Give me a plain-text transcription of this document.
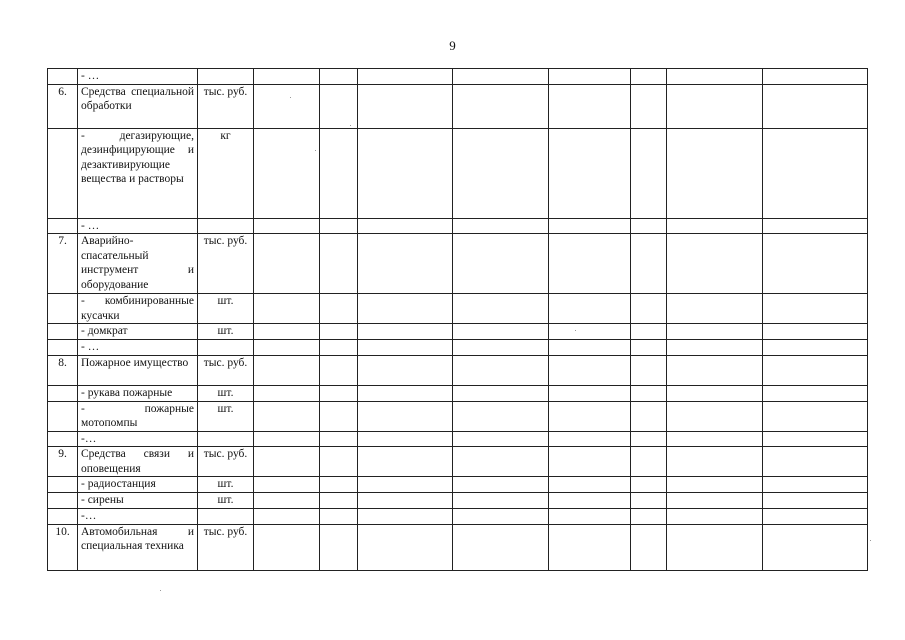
9
	- …										
6.	Средства специальной обработки	тыс. руб.									
	- дегазирующие, дезинфицирующие и дезактивирующие вещества и растворы	кг									
	- …										
7.	Аварийно-спасательный инструмент и оборудование	тыс. руб.									
	- комбинированные кусачки	шт.									
	- домкрат	шт.									
	- …										
8.	Пожарное имущество	тыс. руб.									
	- рукава пожарные	шт.									
	- пожарные мотопомпы	шт.									
	-…										
9.	Средства связи и оповещения	тыс. руб.									
	- радиостанция	шт.									
	- сирены	шт.									
	-…										
10.	Автомобильная и специальная техника	тыс. руб.									
